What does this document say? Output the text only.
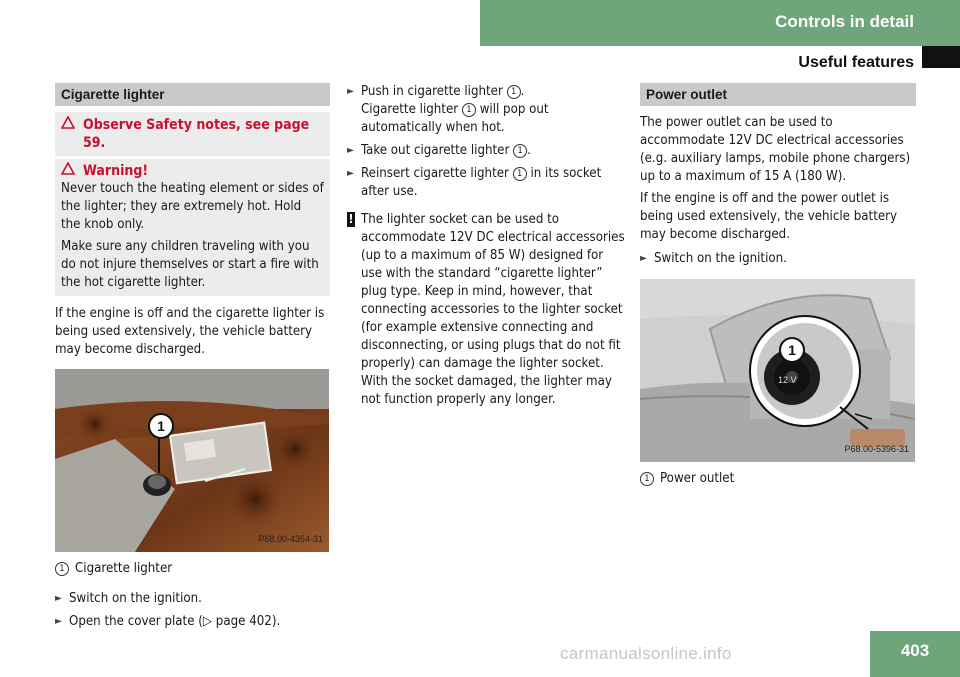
Controls in detail
Useful features
Cigarette lighter
Observe Safety notes, see page 59.
Warning!

Never touch the heating element or sides of the lighter; they are extremely hot. Hold the knob only.

Make sure any children traveling with you do not injure themselves or start a fire with the hot cigarette lighter.

If the engine is off and the cigarette lighter is being used extensively, the vehicle battery may become discharged.

1
P68.00-4354-31
1 Cigarette lighter
► Switch on the ignition.
► Open the cover plate (▷ page 402).
► Push in cigarette lighter 1 .
Cigarette lighter 1 will pop out automatically when hot.
► Take out cigarette lighter 1 .
► Reinsert cigarette lighter 1 in its socket after use.
! The lighter socket can be used to accommodate 12V DC electrical accessories (up to a maximum of 85 W) designed for use with the standard “cigarette lighter” plug type. Keep in mind, however, that connecting accessories to the lighter socket (for example extensive connecting and disconnecting, or using plugs that do not fit properly) can damage the lighter socket. With the socket damaged, the lighter may not function properly any longer.
Power outlet

The power outlet can be used to accommodate 12V DC electrical accessories (e.g. auxiliary lamps, mobile phone chargers) up to a maximum of 15 A (180 W).

If the engine is off and the power outlet is being used extensively, the vehicle battery may become discharged.

► Switch on the ignition.
1
12 V
P68.00-5396-31
1 Power outlet
403
carmanualsonline.info
